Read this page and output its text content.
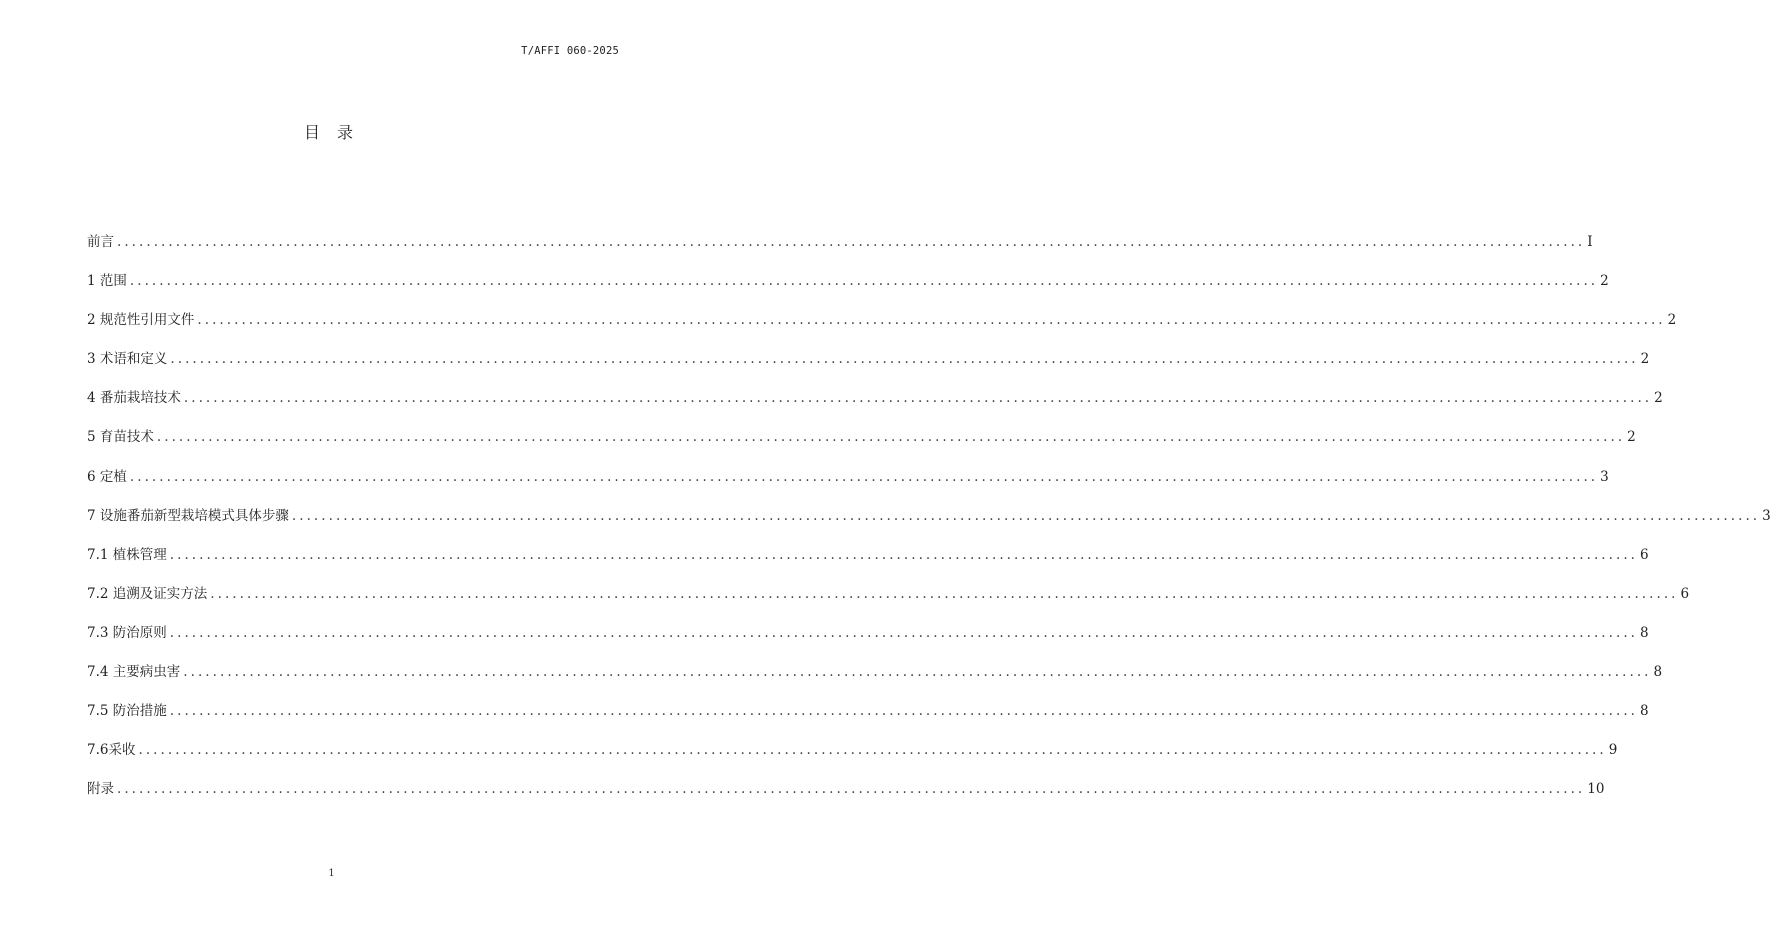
T/AFFI 060-2025
目 录
前言 ........................................................................................................................................................................................................ I
1 范围 ........................................................................................................................................................................................................ 2
2 规范性引用文件 ........................................................................................................................................................................................................ 2
3 术语和定义 ........................................................................................................................................................................................................ 2
4 番茄栽培技术 ........................................................................................................................................................................................................ 2
5 育苗技术 ........................................................................................................................................................................................................ 2
6 定植 ........................................................................................................................................................................................................ 3
7 设施番茄新型栽培模式具体步骤 ........................................................................................................................................................................................................ 3
7.1 植株管理 ........................................................................................................................................................................................................ 6
7.2 追溯及证实方法 ........................................................................................................................................................................................................ 6
7.3 防治原则 ........................................................................................................................................................................................................ 8
7.4 主要病虫害 ........................................................................................................................................................................................................ 8
7.5 防治措施 ........................................................................................................................................................................................................ 8
7.6采收 ........................................................................................................................................................................................................ 9
附录 ........................................................................................................................................................................................................ 10
1
